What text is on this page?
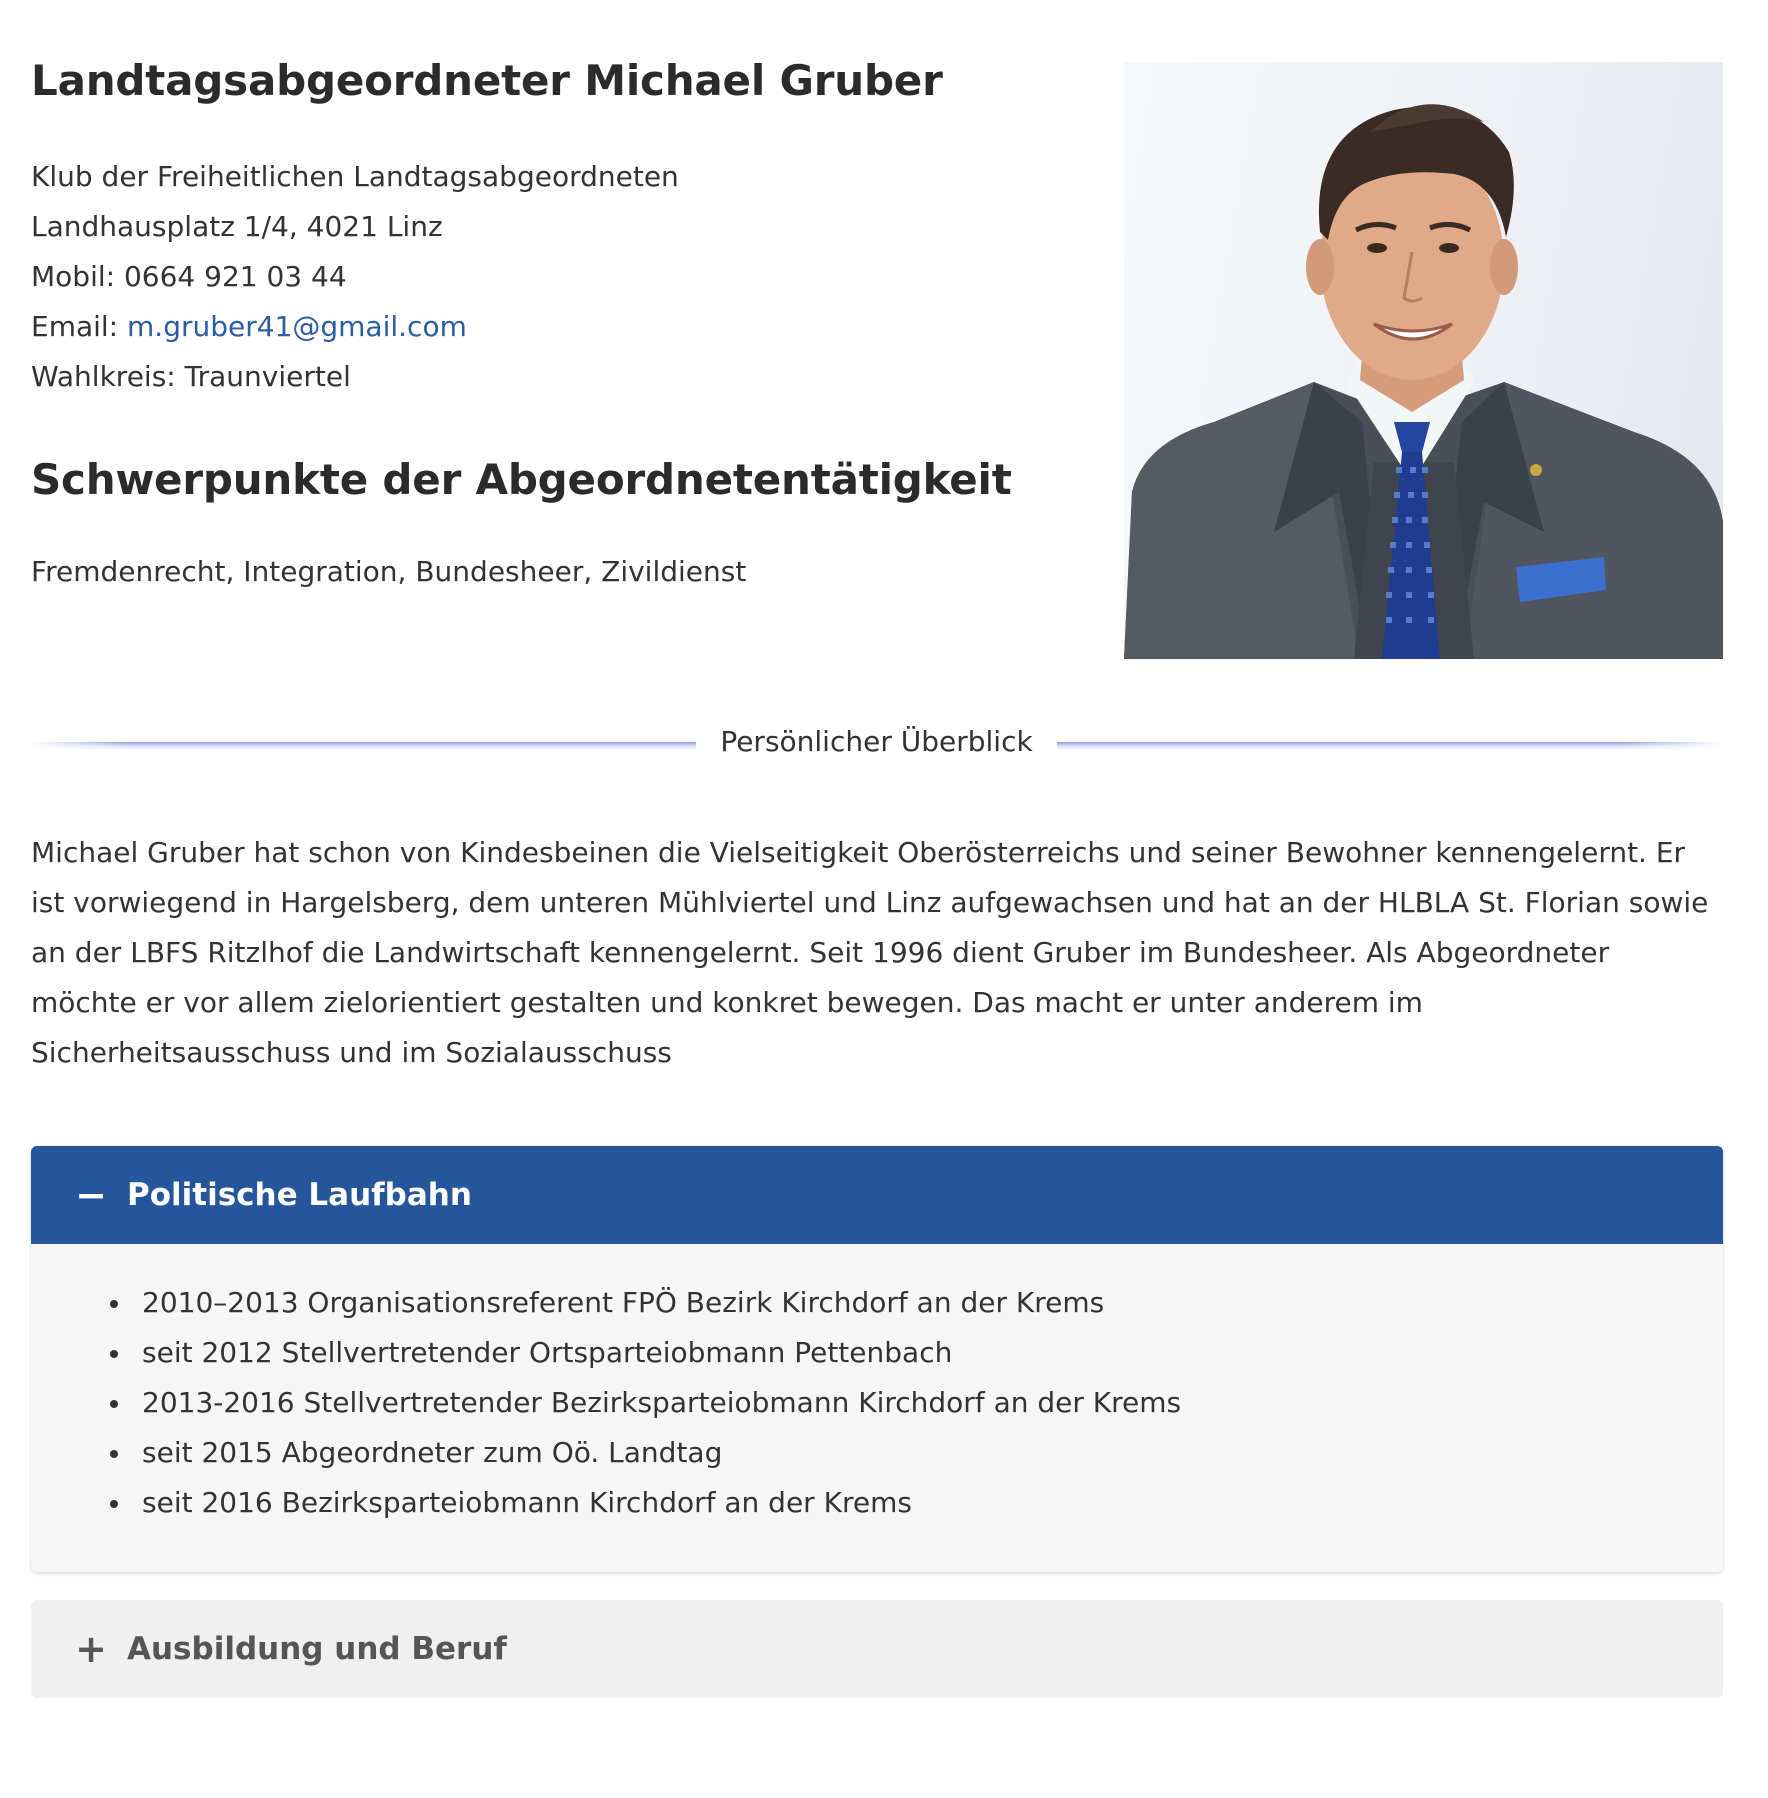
Landtagsabgeordneter Michael Gruber
Klub der Freiheitlichen Landtagsabgeordneten
Landhausplatz 1/4, 4021 Linz
Mobil: 0664 921 03 44
Email: m.gruber41@gmail.com
Wahlkreis: Traunviertel
Schwerpunkte der Abgeordnetentätigkeit
Fremdenrecht, Integration, Bundesheer, Zivildienst
Persönlicher Überblick

Michael Gruber hat schon von Kindesbeinen die Vielseitigkeit Oberösterreichs und seiner Bewohner kennengelernt. Er ist vorwiegend in Hargelsberg, dem unteren Mühlviertel und Linz aufgewachsen und hat an der HLBLA St. Florian sowie an der LBFS Ritzlhof die Landwirtschaft kennengelernt. Seit 1996 dient Gruber im Bundesheer. Als Abgeordneter möchte er vor allem zielorientiert gestalten und konkret bewegen. Das macht er unter anderem im Sicherheitsausschuss und im Sozialausschuss

− Politische Laufbahn
2010–2013 Organisationsreferent FPÖ Bezirk Kirchdorf an der Krems
seit 2012 Stellvertretender Ortsparteiobmann Pettenbach
2013-2016 Stellvertretender Bezirksparteiobmann Kirchdorf an der Krems
seit 2015 Abgeordneter zum Oö. Landtag
seit 2016 Bezirksparteiobmann Kirchdorf an der Krems
+ Ausbildung und Beruf
